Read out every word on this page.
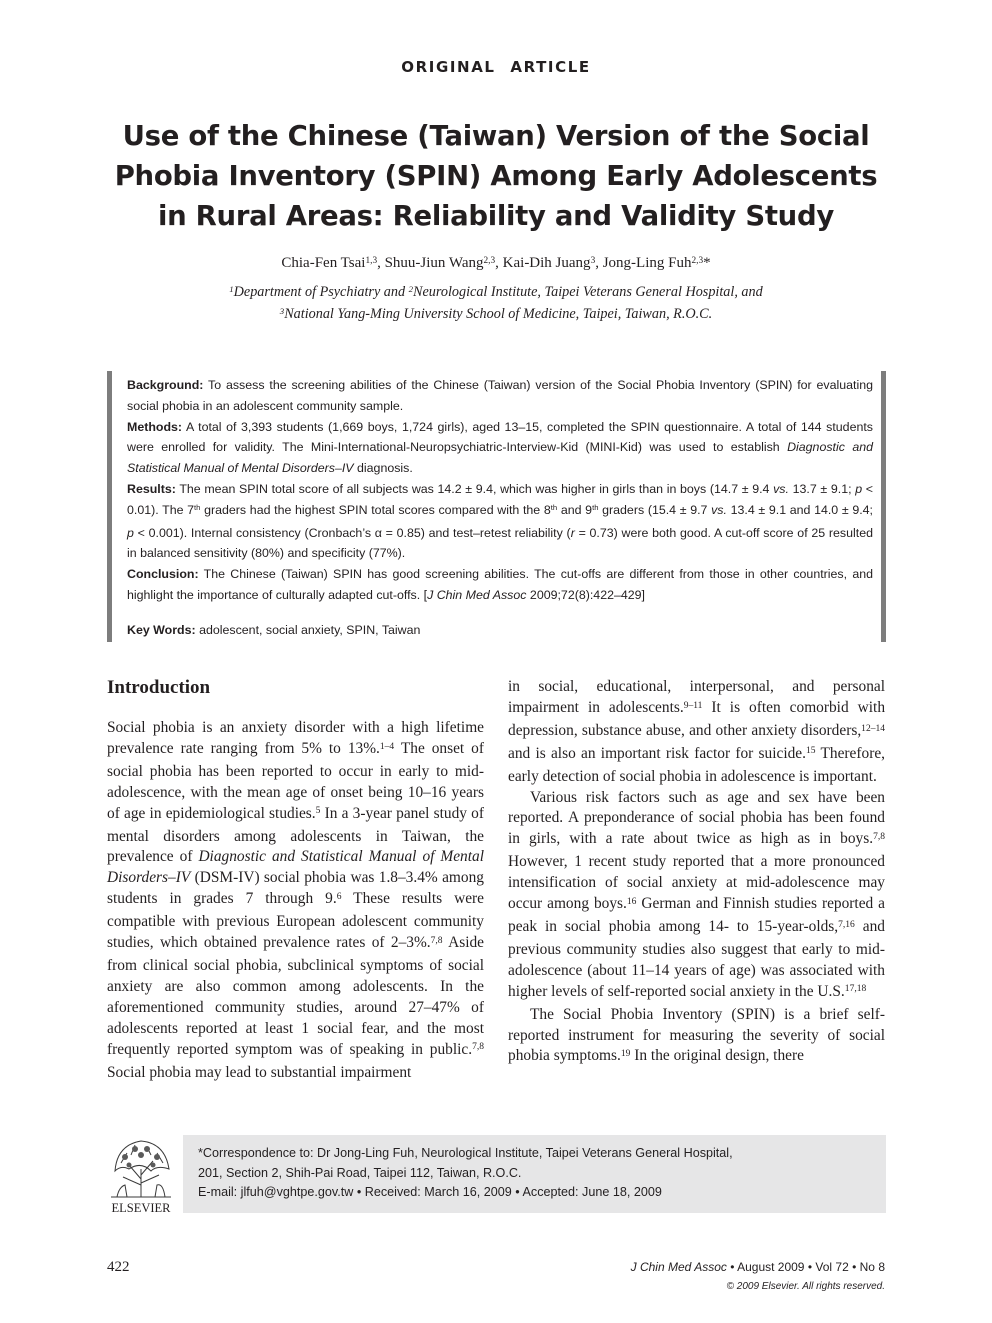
ORIGINAL ARTICLE
Use of the Chinese (Taiwan) Version of the Social
Phobia Inventory (SPIN) Among Early Adolescents
in Rural Areas: Reliability and Validity Study
Chia-Fen Tsai$^{1,3}$, Shuu-Jiun Wang$^{2,3}$, Kai-Dih Juang$^3$, Jong-Ling Fuh$^{2,3}$*
$^1$Department of Psychiatry and $^2$Neurological Institute, Taipei Veterans General Hospital, and
$^3$National Yang-Ming University School of Medicine, Taipei, Taiwan, R.O.C.

Background: To assess the screening abilities of the Chinese (Taiwan) version of the Social Phobia Inventory (SPIN) for evaluating social phobia in an adolescent community sample.

Methods: A total of 3,393 students (1,669 boys, 1,724 girls), aged 13–15, completed the SPIN questionnaire. A total of 144 students were enrolled for validity. The Mini-International-Neuropsychiatric-Interview-Kid (MINI-Kid) was used to establish Diagnostic and Statistical Manual of Mental Disorders–IV diagnosis.

Results: The mean SPIN total score of all subjects was 14.2 ± 9.4, which was higher in girls than in boys (14.7 ± 9.4 vs. 13.7 ± 9.1; p < 0.01). The 7th graders had the highest SPIN total scores compared with the 8th and 9th graders (15.4 ± 9.7 vs. 13.4 ± 9.1 and 14.0 ± 9.4; p < 0.001). Internal consistency (Cronbach’s α = 0.85) and test–retest reliability (r = 0.73) were both good. A cut-off score of 25 resulted in balanced sensitivity (80%) and specificity (77%).

Conclusion: The Chinese (Taiwan) SPIN has good screening abilities. The cut-offs are different from those in other countries, and highlight the importance of culturally adapted cut-offs. [J Chin Med Assoc 2009;72(8):422–429]

Key Words: adolescent, social anxiety, SPIN, Taiwan
Introduction

Social phobia is an anxiety disorder with a high lifetime prevalence rate ranging from 5% to 13%.$^{1-4}$ The onset of social phobia has been reported to occur in early to mid-adolescence, with the mean age of onset being 10–16 years of age in epidemiological studies.$^5$ In a 3-year panel study of mental disorders among adolescents in Taiwan, the prevalence of Diagnostic and Statistical Manual of Mental Disorders–IV (DSM-IV) social phobia was 1.8–3.4% among students in grades 7 through 9.$^6$ These results were compatible with previous European adolescent community studies, which obtained prevalence rates of 2–3%.$^{7,8}$ Aside from clinical social phobia, subclinical symptoms of social anxiety are also common among adolescents. In the aforementioned community studies, around 27–47% of adolescents reported at least 1 social fear, and the most frequently reported symptom was of speaking in public.$^{7,8}$ Social phobia may lead to substantial impairment

in social, educational, interpersonal, and personal impairment in adolescents.$^{9-11}$ It is often comorbid with depression, substance abuse, and other anxiety disorders,$^{12-14}$ and is also an important risk factor for suicide.$^{15}$ Therefore, early detection of social phobia in adolescence is important.

Various risk factors such as age and sex have been reported. A preponderance of social phobia has been found in girls, with a rate about twice as high as in boys.$^{7,8}$ However, 1 recent study reported that a more pronounced intensification of social anxiety at mid-adolescence may occur among boys.$^{16}$ German and Finnish studies reported a peak in social phobia among 14- to 15-year-olds,$^{7,16}$ and previous community studies also suggest that early to mid-adolescence (about 11–14 years of age) was associated with higher levels of self-reported social anxiety in the U.S.$^{17,18}$

The Social Phobia Inventory (SPIN) is a brief self-reported instrument for measuring the severity of social phobia symptoms.$^{19}$ In the original design, there

ELSEVIER
*Correspondence to: Dr Jong-Ling Fuh, Neurological Institute, Taipei Veterans General Hospital,
201, Section 2, Shih-Pai Road, Taipei 112, Taiwan, R.O.C.
E-mail: jlfuh@vghtpe.gov.tw • Received: March 16, 2009 • Accepted: June 18, 2009
422	J Chin Med Assoc • August 2009 • Vol 72 • No 8
© 2009 Elsevier. All rights reserved.
